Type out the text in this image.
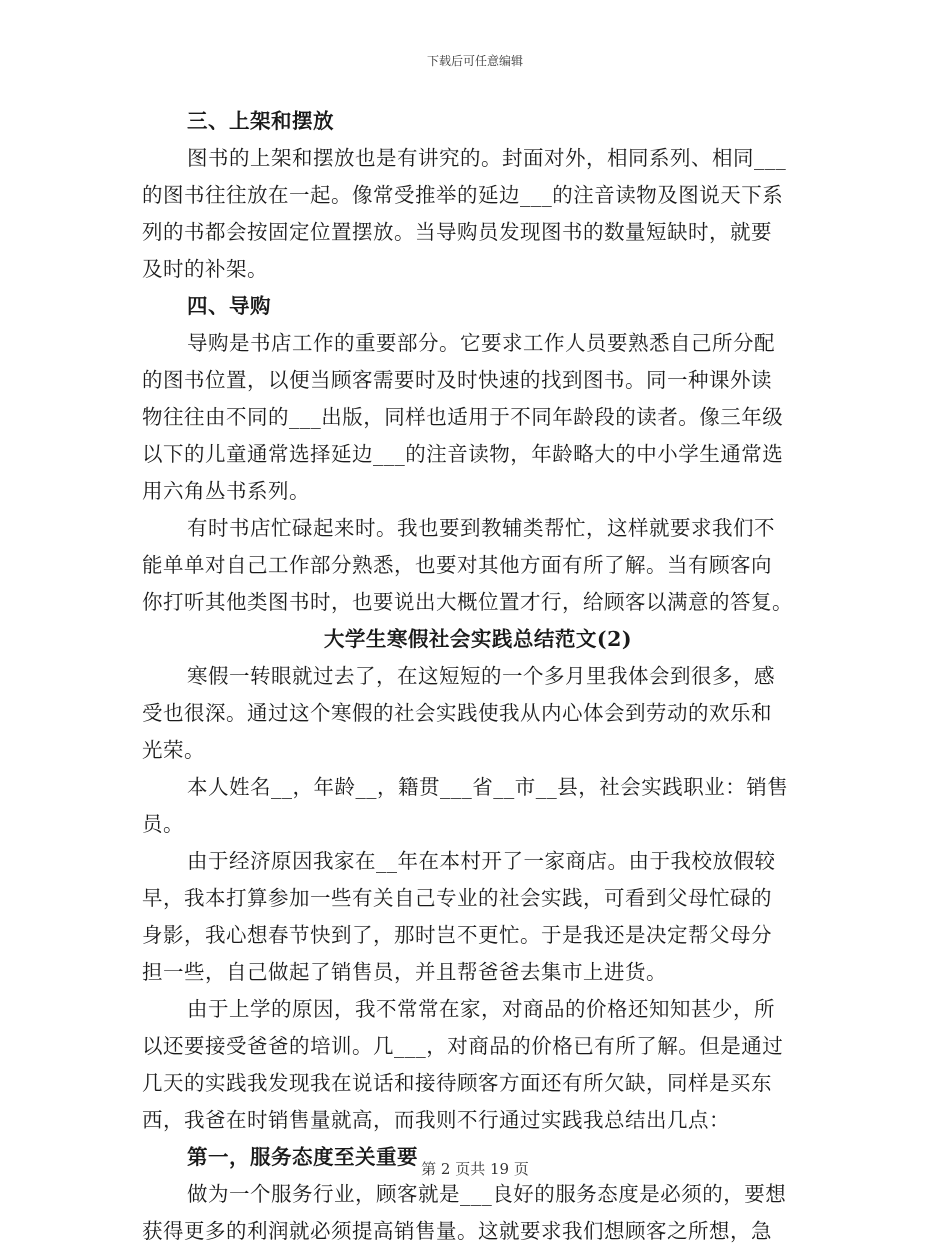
下载后可任意编辑
三、上架和摆放
图书的上架和摆放也是有讲究的。封面对外，相同系列、相同___
的图书往往放在一起。像常受推举的延边___的注音读物及图说天下系
列的书都会按固定位置摆放。当导购员发现图书的数量短缺时，就要
及时的补架。
四、导购
导购是书店工作的重要部分。它要求工作人员要熟悉自己所分配
的图书位置，以便当顾客需要时及时快速的找到图书。同一种课外读
物往往由不同的___出版，同样也适用于不同年龄段的读者。像三年级
以下的儿童通常选择延边___的注音读物，年龄略大的中小学生通常选
用六角丛书系列。
有时书店忙碌起来时。我也要到教辅类帮忙，这样就要求我们不
能单单对自己工作部分熟悉，也要对其他方面有所了解。当有顾客向
你打听其他类图书时，也要说出大概位置才行，给顾客以满意的答复。
大学生寒假社会实践总结范文(2)
寒假一转眼就过去了，在这短短的一个多月里我体会到很多，感
受也很深。通过这个寒假的社会实践使我从内心体会到劳动的欢乐和
光荣。
本人姓名__，年龄__，籍贯___省__市__县，社会实践职业：销售
员。
由于经济原因我家在__年在本村开了一家商店。由于我校放假较
早，我本打算参加一些有关自己专业的社会实践，可看到父母忙碌的
身影，我心想春节快到了，那时岂不更忙。于是我还是决定帮父母分
担一些，自己做起了销售员，并且帮爸爸去集市上进货。
由于上学的原因，我不常常在家，对商品的价格还知知甚少，所
以还要接受爸爸的培训。几___，对商品的价格已有所了解。但是通过
几天的实践我发现我在说话和接待顾客方面还有所欠缺，同样是买东
西，我爸在时销售量就高，而我则不行通过实践我总结出几点：
第一，服务态度至关重要
做为一个服务行业，顾客就是___良好的服务态度是必须的，要想
获得更多的利润就必须提高销售量。这就要求我们想顾客之所想，急
第 2 页共 19 页
